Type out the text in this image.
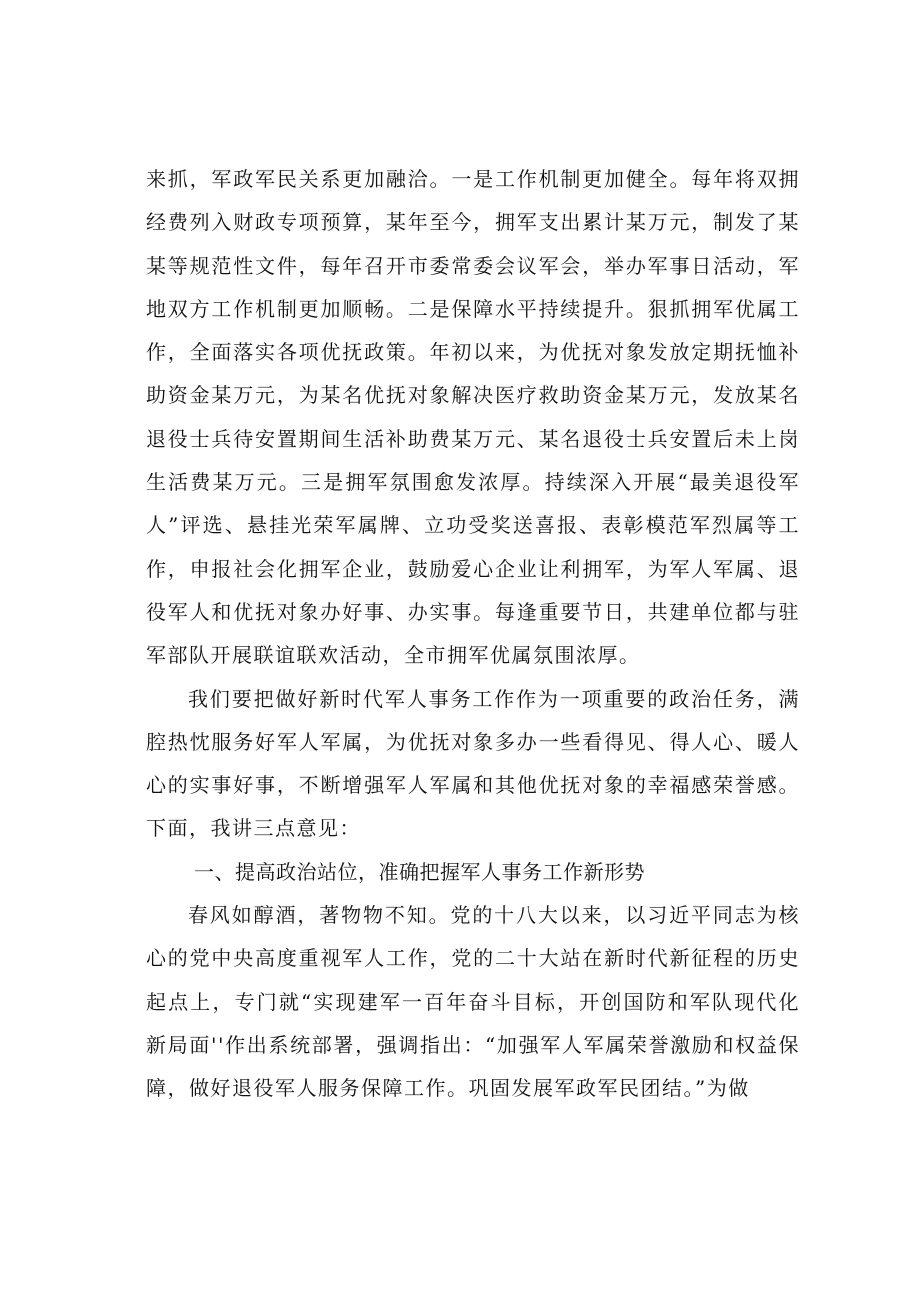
来抓，军政军民关系更加融洽。一是工作机制更加健全。每年将双拥经费列入财政专项预算，某年至今，拥军支出累计某万元，制发了某某等规范性文件，每年召开市委常委会议军会，举办军事日活动，军地双方工作机制更加顺畅。二是保障水平持续提升。狠抓拥军优属工作，全面落实各项优抚政策。年初以来，为优抚对象发放定期抚恤补助资金某万元，为某名优抚对象解决医疗救助资金某万元，发放某名退役士兵待安置期间生活补助费某万元、某名退役士兵安置后未上岗生活费某万元。三是拥军氛围愈发浓厚。持续深入开展“最美退役军人”评选、悬挂光荣军属牌、立功受奖送喜报、表彰模范军烈属等工作，申报社会化拥军企业，鼓励爱心企业让利拥军，为军人军属、退役军人和优抚对象办好事、办实事。每逢重要节日，共建单位都与驻军部队开展联谊联欢活动，全市拥军优属氛围浓厚。

我们要把做好新时代军人事务工作作为一项重要的政治任务，满腔热忱服务好军人军属，为优抚对象多办一些看得见、得人心、暖人心的实事好事，不断增强军人军属和其他优抚对象的幸福感荣誉感。下面，我讲三点意见：

一、提高政治站位，准确把握军人事务工作新形势

春风如醇酒，著物物不知。党的十八大以来，以习近平同志为核心的党中央高度重视军人工作，党的二十大站在新时代新征程的历史起点上，专门就“实现建军一百年奋斗目标，开创国防和军队现代化新局面''作出系统部署，强调指出：“加强军人军属荣誉激励和权益保障，做好退役军人服务保障工作。巩固发展军政军民团结。”为做
